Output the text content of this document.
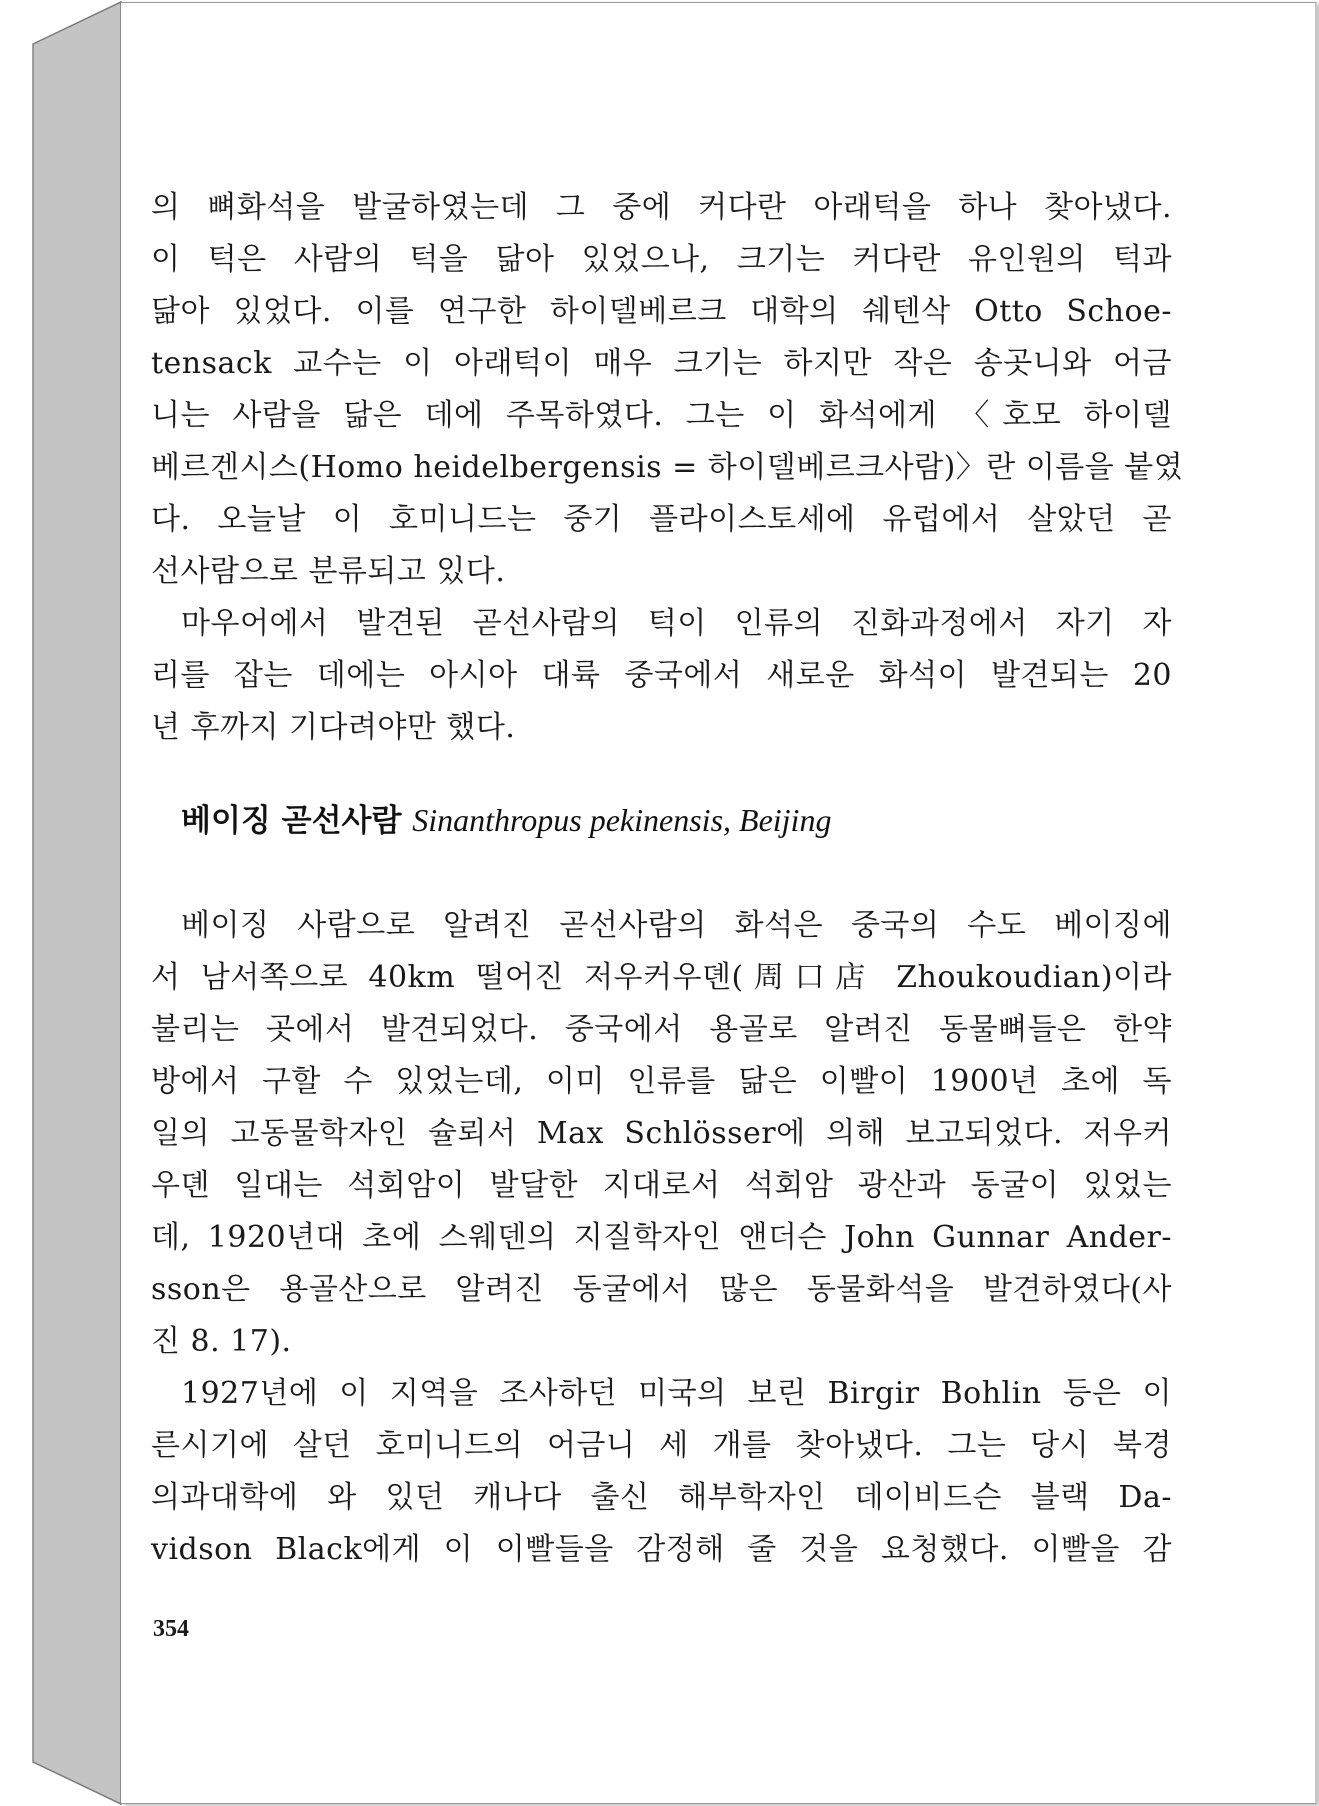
의 뼈화석을 발굴하였는데 그 중에 커다란 아래턱을 하나 찾아냈다.
이 턱은 사람의 턱을 닮아 있었으나, 크기는 커다란 유인원의 턱과
닮아 있었다. 이를 연구한 하이델베르크 대학의 쉐텐삭 Otto Schoe-
tensack 교수는 이 아래턱이 매우 크기는 하지만 작은 송곳니와 어금
니는 사람을 닮은 데에 주목하였다. 그는 이 화석에게 〈호모 하이델
베르겐시스(Homo heidelbergensis = 하이델베르크사람)〉란 이름을 붙였
다. 오늘날 이 호미니드는 중기 플라이스토세에 유럽에서 살았던 곧
선사람으로 분류되고 있다.
마우어에서 발견된 곧선사람의 턱이 인류의 진화과정에서 자기 자
리를 잡는 데에는 아시아 대륙 중국에서 새로운 화석이 발견되는 20
년 후까지 기다려야만 했다.
베이징 곧선사람 Sinanthropus pekinensis, Beijing
베이징 사람으로 알려진 곧선사람의 화석은 중국의 수도 베이징에
서 남서쪽으로 40km 떨어진 저우커우뎬(周口店 Zhoukoudian)이라
불리는 곳에서 발견되었다. 중국에서 용골로 알려진 동물뼈들은 한약
방에서 구할 수 있었는데, 이미 인류를 닮은 이빨이 1900년 초에 독
일의 고동물학자인 슐뢰서 Max Schlösser에 의해 보고되었다. 저우커
우뎬 일대는 석회암이 발달한 지대로서 석회암 광산과 동굴이 있었는
데, 1920년대 초에 스웨덴의 지질학자인 앤더슨 John Gunnar Ander-
sson은 용골산으로 알려진 동굴에서 많은 동물화석을 발견하였다(사
진 8. 17).
1927년에 이 지역을 조사하던 미국의 보린 Birgir Bohlin 등은 이
른시기에 살던 호미니드의 어금니 세 개를 찾아냈다. 그는 당시 북경
의과대학에 와 있던 캐나다 출신 해부학자인 데이비드슨 블랙 Da-
vidson Black에게 이 이빨들을 감정해 줄 것을 요청했다. 이빨을 감
354
